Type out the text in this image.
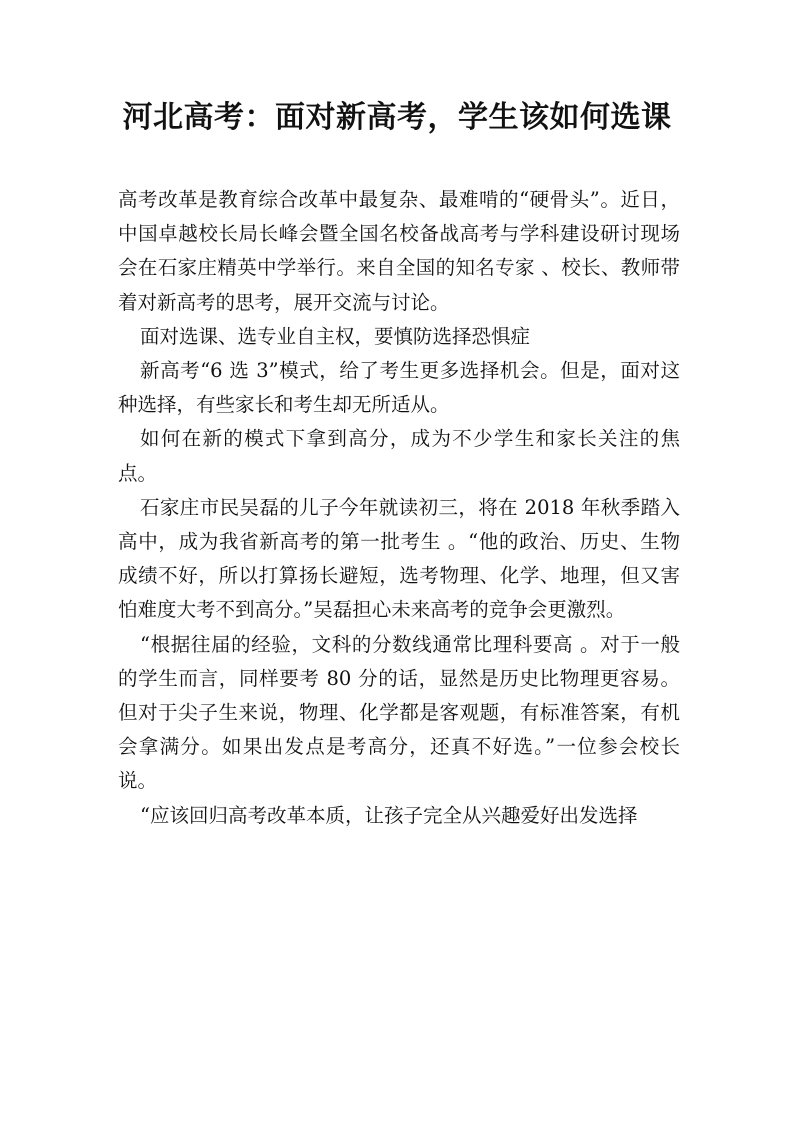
河北高考：面对新高考，学生该如何选课

高考改革是教育综合改革中最复杂、最难啃的“硬骨头”。近日，中国卓越校长局长峰会暨全国名校备战高考与学科建设研讨现场会在石家庄精英中学举行。来自全国的知名专家 、校长、教师带着对新高考的思考，展开交流与讨论。

面对选课、选专业自主权，要慎防选择恐惧症

新高考“6 选 3”模式，给了考生更多选择机会。但是，面对这种选择，有些家长和考生却无所适从。

如何在新的模式下拿到高分，成为不少学生和家长关注的焦点。

石家庄市民吴磊的儿子今年就读初三，将在 2018 年秋季踏入高中，成为我省新高考的第一批考生 。“他的政治、历史、生物成绩不好，所以打算扬长避短，选考物理、化学、地理，但又害怕难度大考不到高分。”吴磊担心未来高考的竞争会更激烈。

“根据往届的经验，文科的分数线通常比理科要高 。对于一般的学生而言，同样要考 80 分的话，显然是历史比物理更容易。但对于尖子生来说，物理、化学都是客观题，有标准答案，有机会拿满分。如果出发点是考高分，还真不好选。”一位参会校长说。

“应该回归高考改革本质，让孩子完全从兴趣爱好出发选择
